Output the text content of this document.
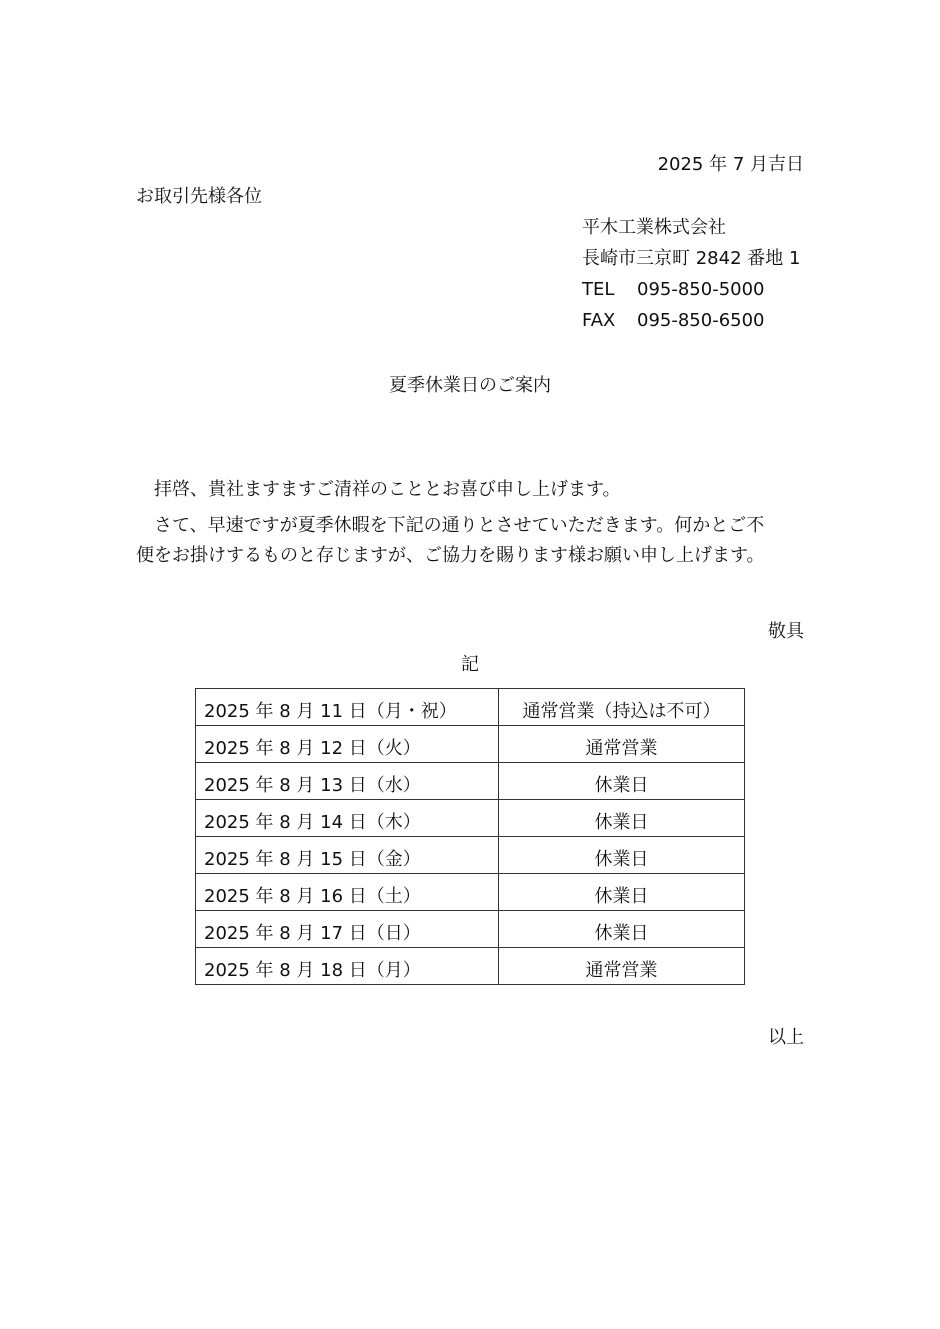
2025 年 7 月吉日
お取引先様各位
平木工業株式会社
長崎市三京町 2842 番地 1
TEL 095-850-5000
FAX 095-850-6500
夏季休業日のご案内
拝啓、貴社ますますご清祥のこととお喜び申し上げます。
さて、早速ですが夏季休暇を下記の通りとさせていただきます。何かとご不
便をお掛けするものと存じますが、ご協力を賜ります様お願い申し上げます。
敬具
記
2025 年 8 月 11 日（月・祝）	通常営業（持込は不可）
2025 年 8 月 12 日（火）	通常営業
2025 年 8 月 13 日（水）	休業日
2025 年 8 月 14 日（木）	休業日
2025 年 8 月 15 日（金）	休業日
2025 年 8 月 16 日（土）	休業日
2025 年 8 月 17 日（日）	休業日
2025 年 8 月 18 日（月）	通常営業
以上
